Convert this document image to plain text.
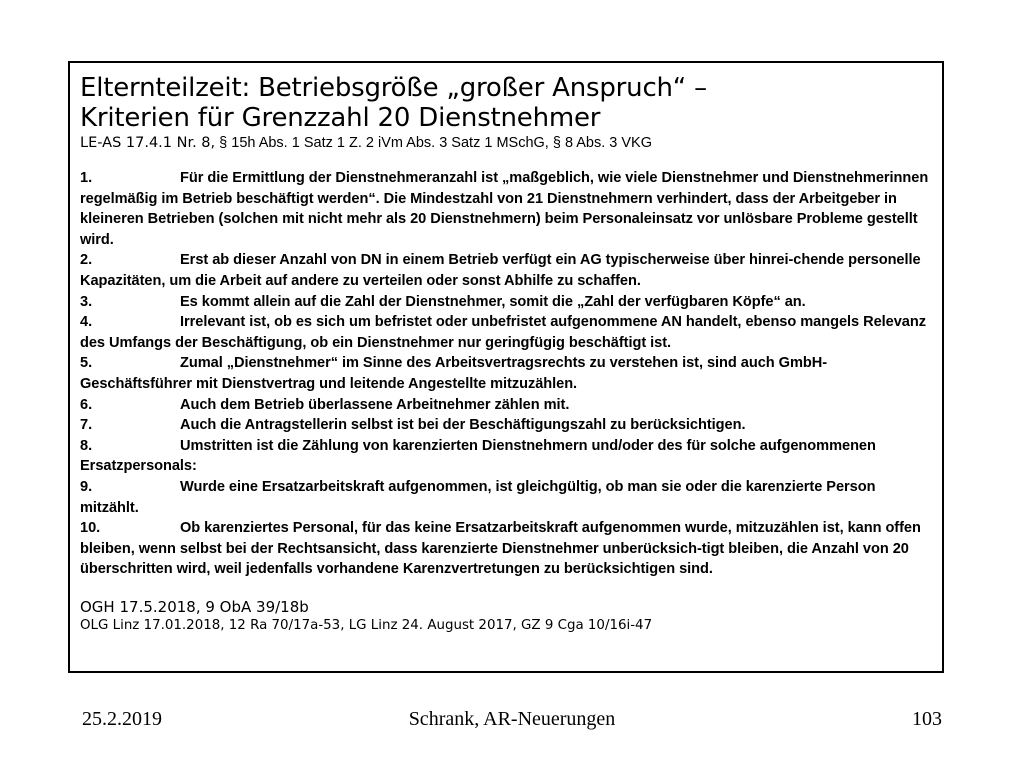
Elternteilzeit: Betriebsgröße „großer Anspruch“ –
Kriterien für Grenzzahl 20 Dienstnehmer
LE-AS 17.4.1 Nr. 8, § 15h Abs. 1 Satz 1 Z. 2 iVm Abs. 3 Satz 1 MSchG, § 8 Abs. 3 VKG
1.	Für die Ermittlung der Dienstnehmeranzahl ist „maßgeblich, wie viele Dienstnehmer und Dienstnehmerinnen regelmäßig im Betrieb beschäftigt werden“. Die Mindestzahl von 21 Dienstnehmern verhindert, dass der Arbeitgeber in kleineren Betrieben (solchen mit nicht mehr als 20 Dienstnehmern) beim Personaleinsatz vor unlösbare Probleme gestellt wird.
2.	Erst ab dieser Anzahl von DN in einem Betrieb verfügt ein AG typischerweise über hinrei-chende personelle Kapazitäten, um die Arbeit auf andere zu verteilen oder sonst Abhilfe zu schaffen.
3.	Es kommt allein auf die Zahl der Dienstnehmer, somit die „Zahl der verfügbaren Köpfe“ an.
4.	Irrelevant ist, ob es sich um befristet oder unbefristet aufgenommene AN handelt, ebenso mangels Relevanz des Umfangs der Beschäftigung, ob ein Dienstnehmer nur geringfügig beschäftigt ist.
5.	Zumal „Dienstnehmer“ im Sinne des Arbeitsvertragsrechts zu verstehen ist, sind auch GmbH-Geschäftsführer mit Dienstvertrag und leitende Angestellte mitzuzählen.
6.	Auch dem Betrieb überlassene Arbeitnehmer zählen mit.
7.	Auch die Antragstellerin selbst ist bei der Beschäftigungszahl zu berücksichtigen.
8.	Umstritten ist die Zählung von karenzierten Dienstnehmern und/oder des für solche aufgenommenen Ersatzpersonals:
9.	Wurde eine Ersatzarbeitskraft aufgenommen, ist gleichgültig, ob man sie oder die karenzierte Person mitzählt.
10.	Ob karenziertes Personal, für das keine Ersatzarbeitskraft aufgenommen wurde, mitzuzählen ist, kann offen bleiben, wenn selbst bei der Rechtsansicht, dass karenzierte Dienstnehmer unberücksich-tigt bleiben, die Anzahl von 20 überschritten wird, weil jedenfalls vorhandene Karenzvertretungen zu berücksichtigen sind.
OGH 17.5.2018, 9 ObA 39/18b
OLG Linz 17.01.2018, 12 Ra 70/17a-53, LG Linz 24. August 2017, GZ 9 Cga 10/16i-47
25.2.2019	Schrank, AR-Neuerungen	103
